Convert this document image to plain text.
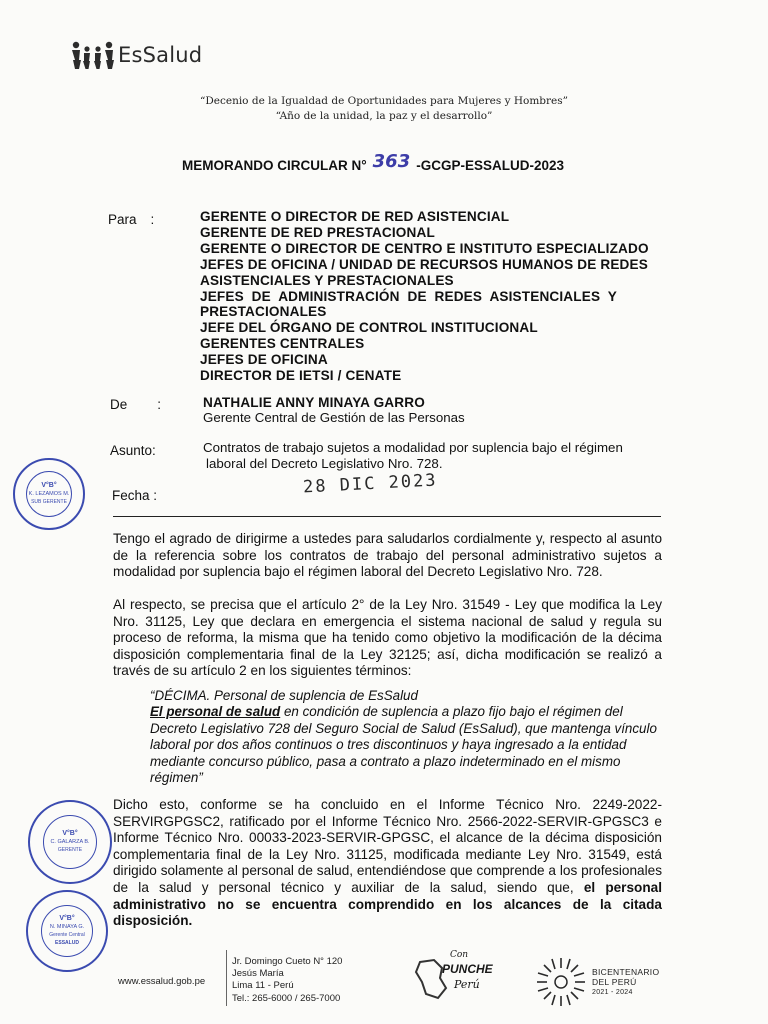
EsSalud
“Decenio de la Igualdad de Oportunidades para Mujeres y Hombres”
“Año de la unidad, la paz y el desarrollo”
MEMORANDO CIRCULAR N° 363 -GCGP-ESSALUD-2023
Para :	GERENTE O DIRECTOR DE RED ASISTENCIAL
GERENTE DE RED PRESTACIONAL
GERENTE O DIRECTOR DE CENTRO E INSTITUTO ESPECIALIZADO
JEFES DE OFICINA / UNIDAD DE RECURSOS HUMANOS DE REDES
ASISTENCIALES Y PRESTACIONALES
JEFES  DE  ADMINISTRACIÓN  DE  REDES  ASISTENCIALES  Y
PRESTACIONALES
JEFE DEL ÓRGANO DE CONTROL INSTITUCIONAL
GERENTES CENTRALES
JEFES DE OFICINA
DIRECTOR DE IETSI / CENATE
De :	NATHALIE ANNY MINAYA GARRO
Gerente Central de Gestión de las Personas
Asunto:	Contratos de trabajo sujetos a modalidad por suplencia bajo el régimen
laboral del Decreto Legislativo Nro. 728.
Fecha :	28 DIC 2023
V°B°
K. LEZAMOS M.
SUB GERENTE
Tengo el agrado de dirigirme a ustedes para saludarlos cordialmente y, respecto al asunto de la referencia sobre los contratos de trabajo del personal administrativo sujetos a modalidad por suplencia bajo el régimen laboral del Decreto Legislativo Nro. 728.
Al respecto, se precisa que el artículo 2° de la Ley Nro. 31549 - Ley que modifica la Ley Nro. 31125, Ley que declara en emergencia el sistema nacional de salud y regula su proceso de reforma, la misma que ha tenido como objetivo la modificación de la décima disposición complementaria final de la Ley 32125; así, dicha modificación se realizó a través de su artículo 2 en los siguientes términos:
“DÉCIMA. Personal de suplencia de EsSalud
El personal de salud en condición de suplencia a plazo fijo bajo el régimen del Decreto Legislativo 728 del Seguro Social de Salud (EsSalud), que mantenga vínculo laboral por dos años continuos o tres discontinuos y haya ingresado a la entidad mediante concurso público, pasa a contrato a plazo indeterminado en el mismo régimen”
Dicho esto, conforme se ha concluido en el Informe Técnico Nro. 2249-2022-SERVIRGPGSC2, ratificado por el Informe Técnico Nro. 2566-2022-SERVIR-GPGSC3 e Informe Técnico Nro. 00033-2023-SERVIR-GPGSC, el alcance de la décima disposición complementaria final de la Ley Nro. 31125, modificada mediante Ley Nro. 31549, está dirigido solamente al personal de salud, entendiéndose que comprende a los profesionales de la salud y personal técnico y auxiliar de la salud, siendo que, el personal administrativo no se encuentra comprendido en los alcances de la citada disposición.
V°B°
C. GALARZA B.
GERENTE
V°B°
N. MINAYA G.
Gerente Central
ESSALUD
www.essalud.gob.pe
Jr. Domingo Cueto N° 120
Jesús María
Lima 11 - Perú
Tel.: 265-6000 / 265-7000
Con
PUNCHE
Perú
BICENTENARIO
DEL PERÚ
2021 - 2024
